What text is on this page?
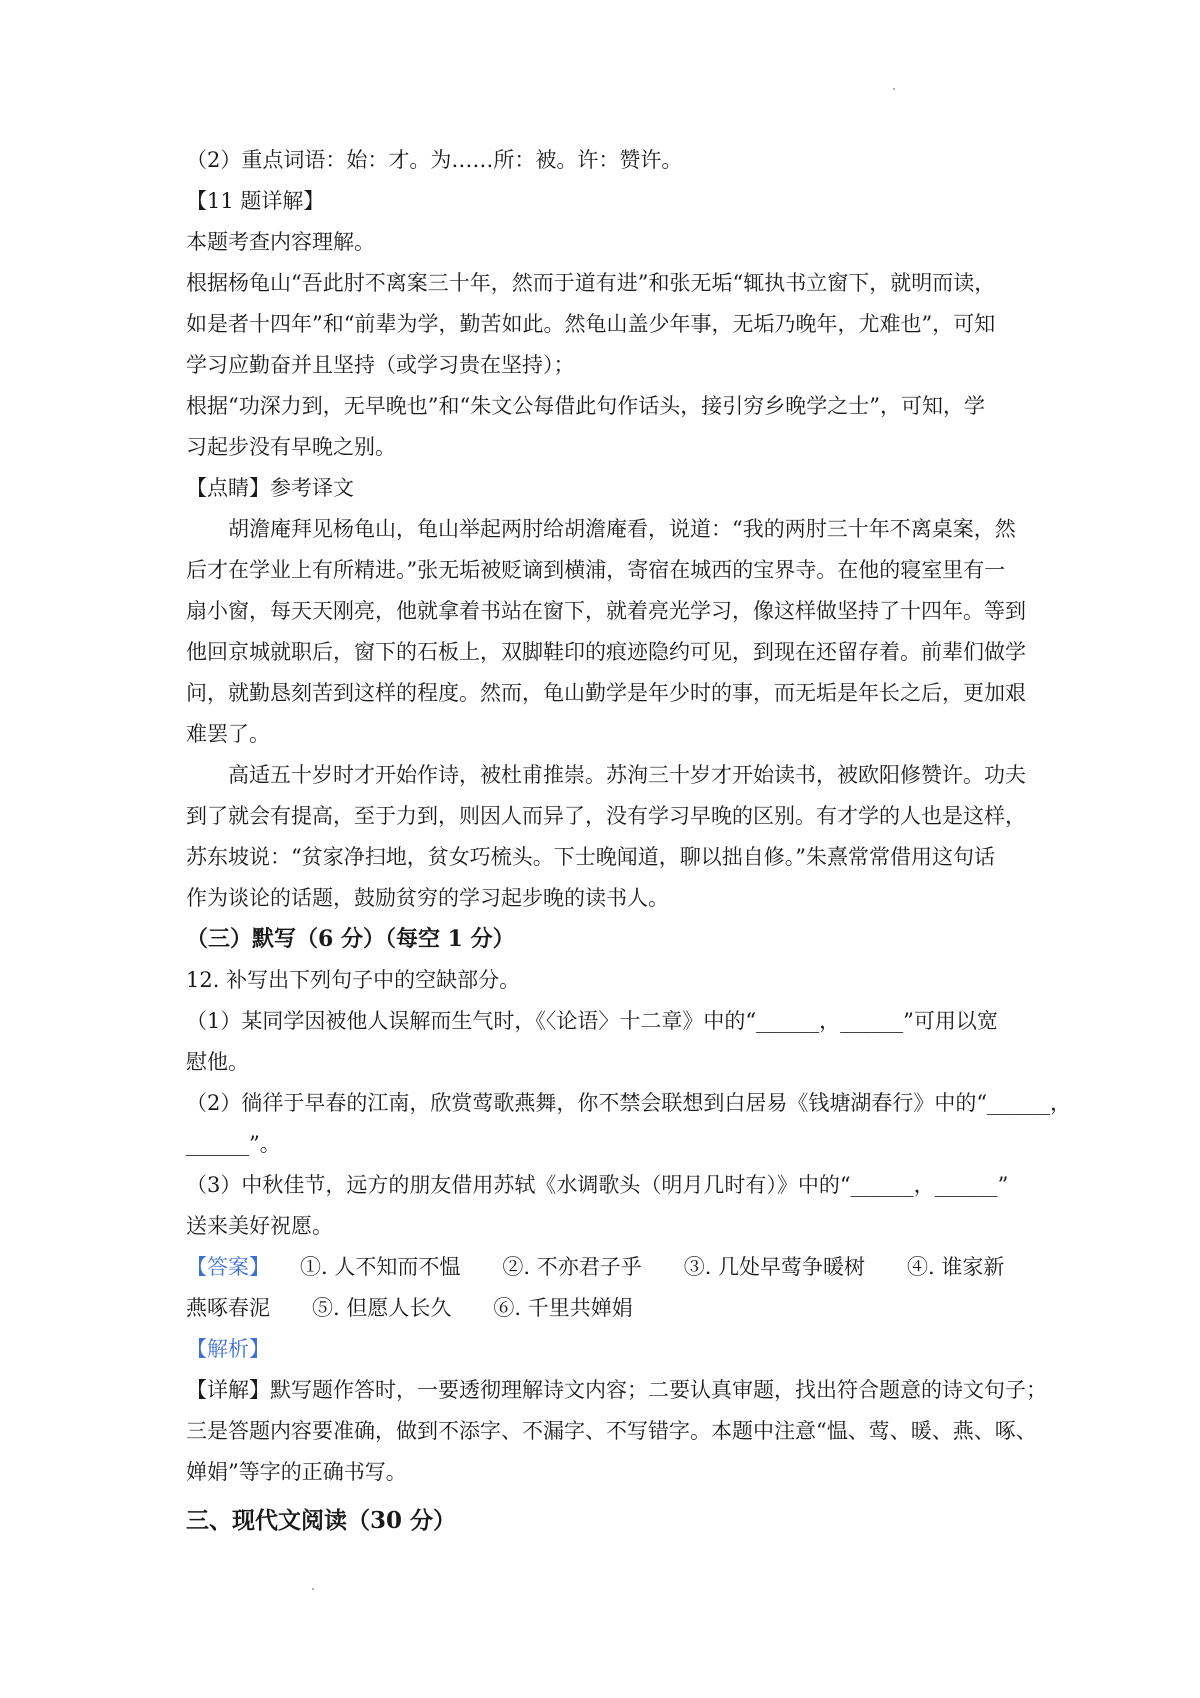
（2）重点词语：始：才。为……所：被。许：赞许。
【11 题详解】
本题考查内容理解。
根据杨龟山“吾此肘不离案三十年，然而于道有进”和张无垢“辄执书立窗下，就明而读，
如是者十四年”和“前辈为学，勤苦如此。然龟山盖少年事，无垢乃晚年，尤难也”，可知
学习应勤奋并且坚持（或学习贵在坚持）；
根据“功深力到，无早晚也”和“朱文公每借此句作话头，接引穷乡晚学之士”，可知，学
习起步没有早晚之别。
【点睛】参考译文
胡澹庵拜见杨龟山，龟山举起两肘给胡澹庵看，说道：“我的两肘三十年不离桌案，然
后才在学业上有所精进。”张无垢被贬谪到横浦，寄宿在城西的宝界寺。在他的寝室里有一
扇小窗，每天天刚亮，他就拿着书站在窗下，就着亮光学习，像这样做坚持了十四年。等到
他回京城就职后，窗下的石板上，双脚鞋印的痕迹隐约可见，到现在还留存着。前辈们做学
问，就勤恳刻苦到这样的程度。然而，龟山勤学是年少时的事，而无垢是年长之后，更加艰
难罢了。
高适五十岁时才开始作诗，被杜甫推崇。苏洵三十岁才开始读书，被欧阳修赞许。功夫
到了就会有提高，至于力到，则因人而异了，没有学习早晚的区别。有才学的人也是这样，
苏东坡说：“贫家净扫地，贫女巧梳头。下士晚闻道，聊以拙自修。”朱熹常常借用这句话
作为谈论的话题，鼓励贫穷的学习起步晚的读书人。
（三）默写（6 分）（每空 1 分）
12. 补写出下列句子中的空缺部分。
（1）某同学因被他人误解而生气时，《〈论语〉十二章》中的“______，______”可用以宽
慰他。
（2）徜徉于早春的江南，欣赏莺歌燕舞，你不禁会联想到白居易《钱塘湖春行》中的“______，
______”。
（3）中秋佳节，远方的朋友借用苏轼《水调歌头（明月几时有）》中的“______，______”
送来美好祝愿。
【答案】 ①. 人不知而不愠　　②. 不亦君子乎　　③. 几处早莺争暖树　　④. 谁家新
燕啄春泥　　⑤. 但愿人长久　　⑥. 千里共婵娟
【解析】
【详解】默写题作答时，一要透彻理解诗文内容；二要认真审题，找出符合题意的诗文句子；
三是答题内容要准确，做到不添字、不漏字、不写错字。本题中注意“愠、莺、暖、燕、啄、
婵娟”等字的正确书写。
三、现代文阅读（30 分）
